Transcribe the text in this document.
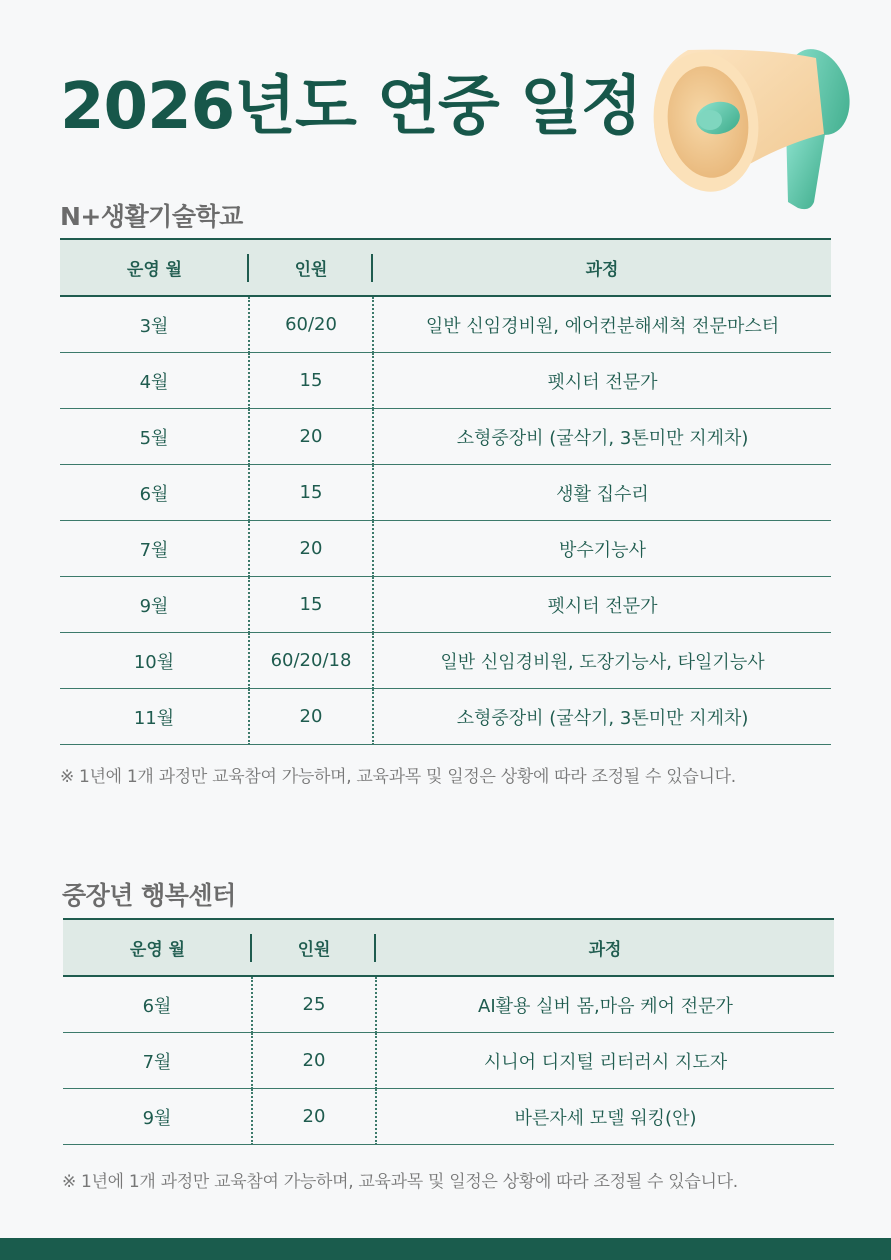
2026년도 연중 일정
N+생활기술학교
운영 월	인원	과정
3월	60/20	일반 신임경비원, 에어컨분해세척 전문마스터
4월	15	펫시터 전문가
5월	20	소형중장비 (굴삭기, 3톤미만 지게차)
6월	15	생활 집수리
7월	20	방수기능사
9월	15	펫시터 전문가
10월	60/20/18	일반 신임경비원, 도장기능사, 타일기능사
11월	20	소형중장비 (굴삭기, 3톤미만 지게차)

※ 1년에 1개 과정만 교육참여 가능하며, 교육과목 및 일정은 상황에 따라 조정될 수 있습니다.

중장년 행복센터
운영 월	인원	과정
6월	25	AI활용 실버 몸,마음 케어 전문가
7월	20	시니어 디지털 리터러시 지도자
9월	20	바른자세 모델 워킹(안)

※ 1년에 1개 과정만 교육참여 가능하며, 교육과목 및 일정은 상황에 따라 조정될 수 있습니다.
